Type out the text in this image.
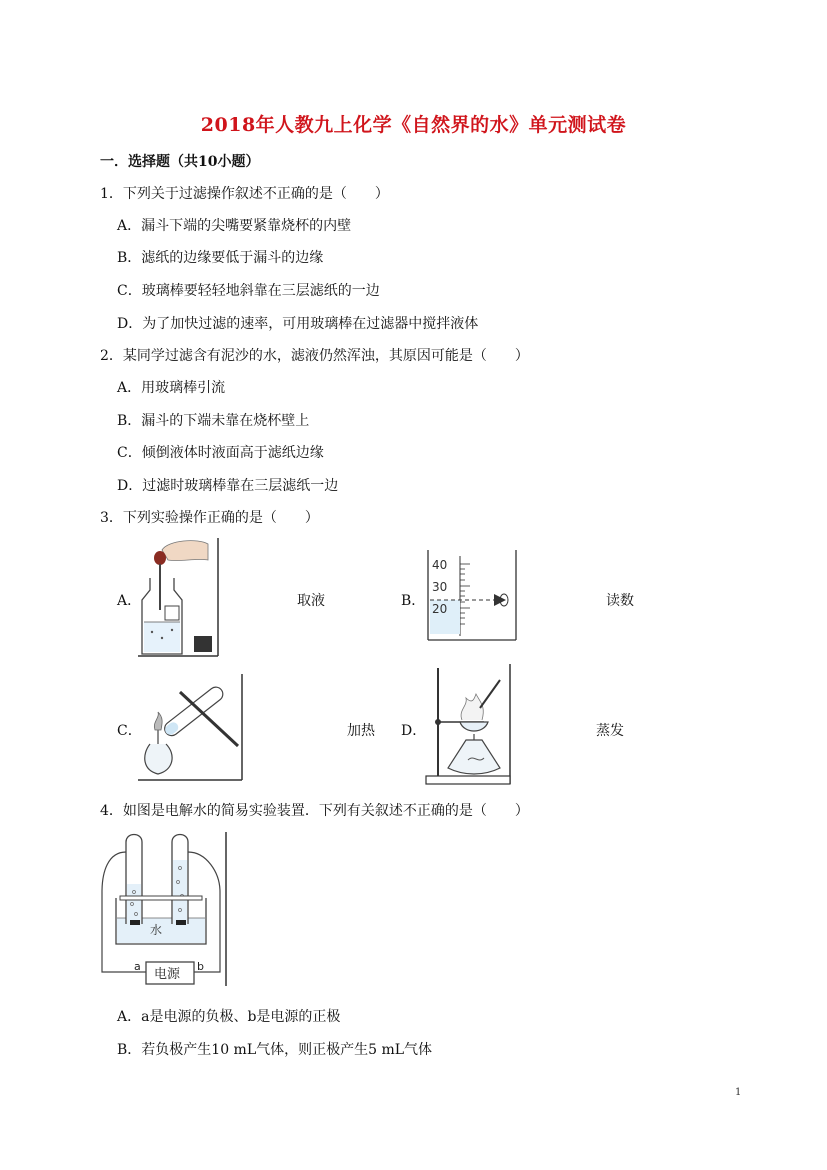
2018年人教九上化学《自然界的水》单元测试卷
一．选择题（共10小题）
1．下列关于过滤操作叙述不正确的是（　　）
A．漏斗下端的尖嘴要紧靠烧杯的内壁
B．滤纸的边缘要低于漏斗的边缘
C．玻璃棒要轻轻地斜靠在三层滤纸的一边
D．为了加快过滤的速率，可用玻璃棒在过滤器中搅拌液体
2．某同学过滤含有泥沙的水，滤液仍然浑浊，其原因可能是（　　）
A．用玻璃棒引流
B．漏斗的下端未靠在烧杯壁上
C．倾倒液体时液面高于滤纸边缘
D．过滤时玻璃棒靠在三层滤纸一边
3．下列实验操作正确的是（　　）
A．	取液	B．
40
30
20	读数
C．	加热 D．	蒸发
4．如图是电解水的简易实验装置．下列有关叙述不正确的是（　　）
水
电源
a	b
A．a是电源的负极、b是电源的正极
B．若负极产生10 mL气体，则正极产生5 mL气体
1
